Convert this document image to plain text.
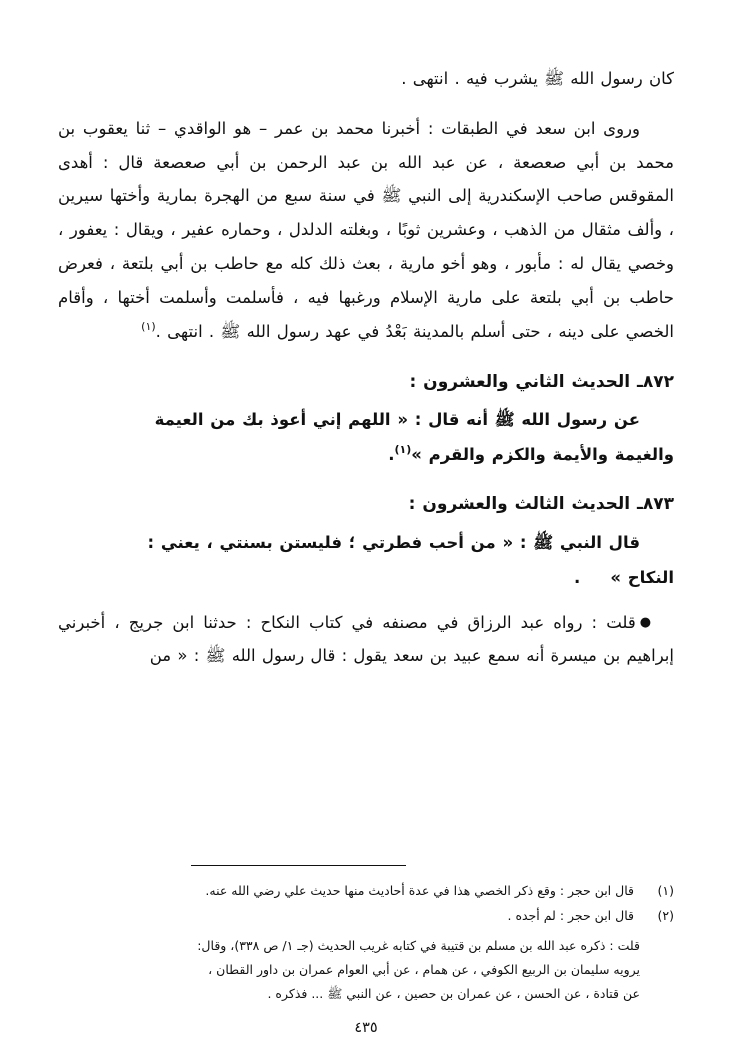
كان رسول الله ﷺ يشرب فيه . انتهى .

وروى ابن سعد في الطبقات : أخبرنا محمد بن عمر – هو الواقدي – ثنا يعقوب بن محمد بن أبي صعصعة ، عن عبد الله بن عبد الرحمن بن أبي صعصعة قال : أهدى المقوقس صاحب الإسكندرية إلى النبي ﷺ في سنة سبع من الهجرة بمارية وأختها سيرين ، وألف مثقال من الذهب ، وعشرين ثوبًا ، وبغلته الدلدل ، وحماره عفير ، ويقال : يعفور ، وخصي يقال له : مأبور ، وهو أخو مارية ، بعث ذلك كله مع حاطب بن أبي بلتعة ، فعرض حاطب بن أبي بلتعة على مارية الإسلام ورغبها فيه ، فأسلمت وأسلمت أختها ، وأقام الخصي على دينه ، حتى أسلم بالمدينة بَعْدُ في عهد رسول الله ﷺ . انتهى .$^{(١)}$

٨٧٢ـ الحديث الثاني والعشرون :

عن رسول الله ﷺ أنه قال : « اللهم إني أعوذ بك من العيمة

والغيمة والأيمة والكزم والقرم »$^{(١)}$.

٨٧٣ـ الحديث الثالث والعشرون :

قال النبي ﷺ : « من أحب فطرتي ؛ فليستن بسنتي ، يعني :

النكاح ».

●قلت : رواه عبد الرزاق في مصنفه في كتاب النكاح : حدثنا ابن جريج ، أخبرني إبراهيم بن ميسرة أنه سمع عبيد بن سعد يقول : قال رسول الله ﷺ : « من

(١)
قال ابن حجر : وقع ذكر الخصي هذا في عدة أحاديث منها حديث علي رضي الله عنه.
(٢)
قال ابن حجر : لم أجده .

قلت : ذكره عبد الله بن مسلم بن قتيبة في كتابه غريب الحديث (جـ ١/ ص ٣٣٨)، وقال:

يرويه سليمان بن الربيع الكوفي ، عن همام ، عن أبي العوام عمران بن داور القطان ،

عن قتادة ، عن الحسن ، عن عمران بن حصين ، عن النبي ﷺ ... فذكره .

٤٣٥
